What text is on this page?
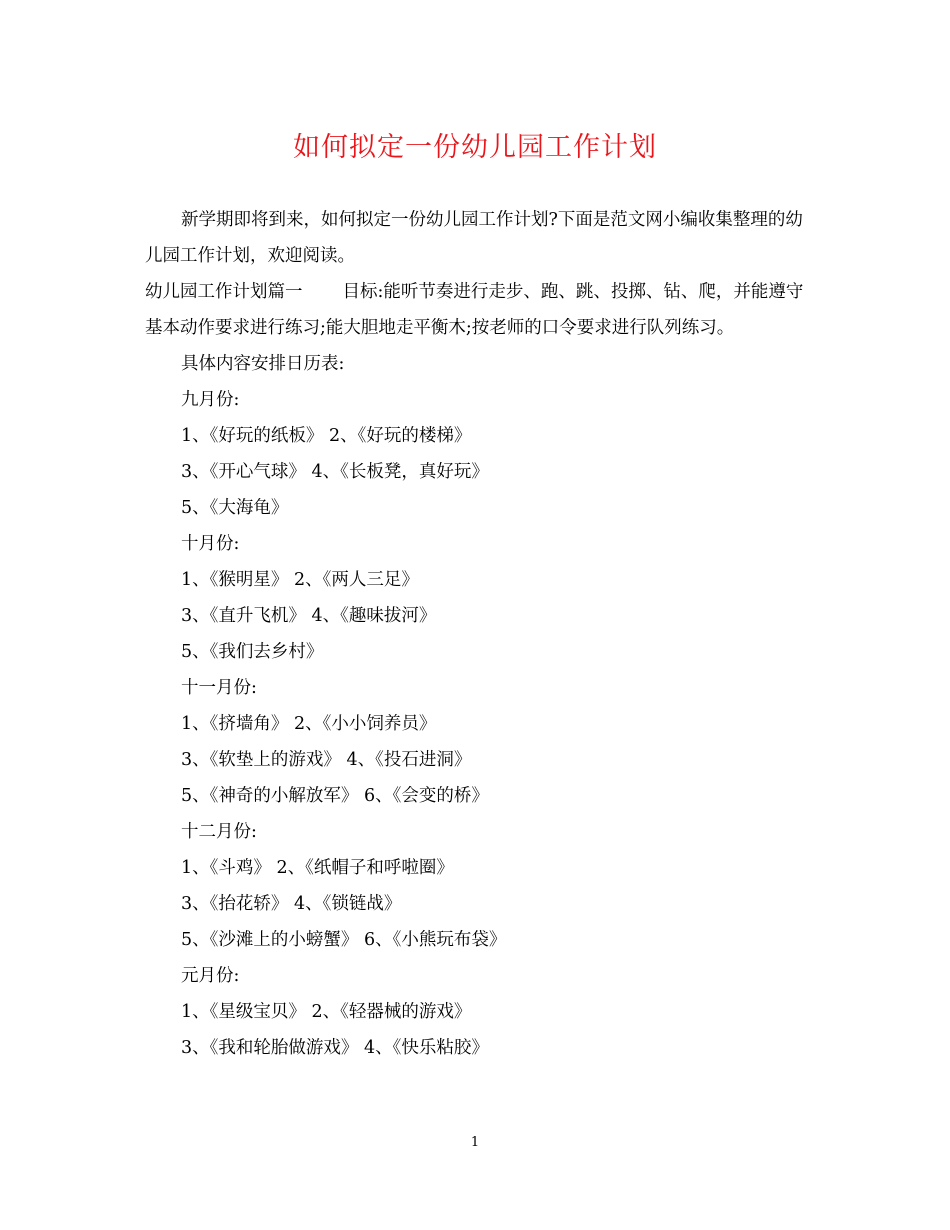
如何拟定一份幼儿园工作计划

新学期即将到来，如何拟定一份幼儿园工作计划?下面是范文网小编收集整理的幼儿园工作计划，欢迎阅读。

幼儿园工作计划篇一 目标:能听节奏进行走步、跑、跳、投掷、钻、爬，并能遵守基本动作要求进行练习;能大胆地走平衡木;按老师的口令要求进行队列练习。

具体内容安排日历表:

九月份:

1、《好玩的纸板》 2、《好玩的楼梯》

3、《开心气球》 4、《长板凳，真好玩》

5、《大海龟》

十月份:

1、《猴明星》 2、《两人三足》

3、《直升飞机》 4、《趣味拔河》

5、《我们去乡村》

十一月份:

1、《挤墙角》 2、《小小饲养员》

3、《软垫上的游戏》 4、《投石进洞》

5、《神奇的小解放军》 6、《会变的桥》

十二月份:

1、《斗鸡》 2、《纸帽子和呼啦圈》

3、《抬花轿》 4、《锁链战》

5、《沙滩上的小螃蟹》 6、《小熊玩布袋》

元月份:

1、《星级宝贝》 2、《轻器械的游戏》

3、《我和轮胎做游戏》 4、《快乐粘胶》

1
